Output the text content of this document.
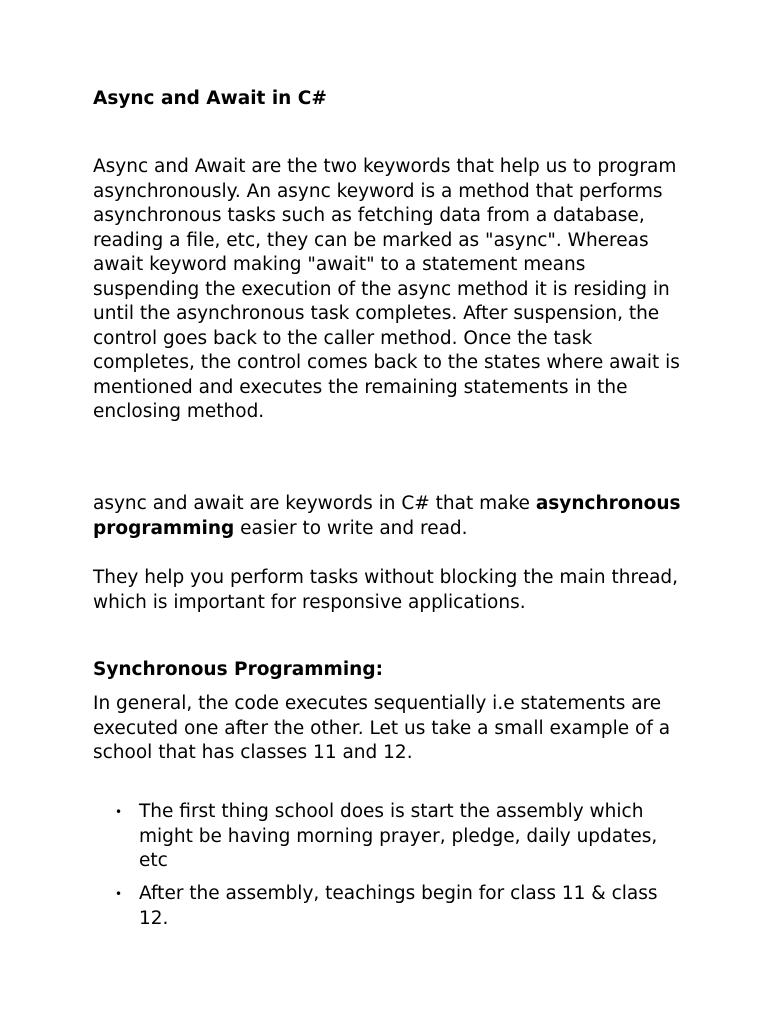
Async and Await in C#

Async and Await are the two keywords that help us to program asynchronously. An async keyword is a method that performs asynchronous tasks such as fetching data from a database, reading a file, etc, they can be marked as "async". Whereas await keyword making "await" to a statement means suspending the execution of the async method it is residing in until the asynchronous task completes. After suspension, the control goes back to the caller method. Once the task completes, the control comes back to the states where await is mentioned and executes the remaining statements in the enclosing method.

async and await are keywords in C# that make asynchronous programming easier to write and read.

They help you perform tasks without blocking the main thread, which is important for responsive applications.

Synchronous Programming:

In general, the code executes sequentially i.e statements are executed one after the other. Let us take a small example of a school that has classes 11 and 12.

• The first thing school does is start the assembly which might be having morning prayer, pledge, daily updates, etc
• After the assembly, teachings begin for class 11 & class 12.
